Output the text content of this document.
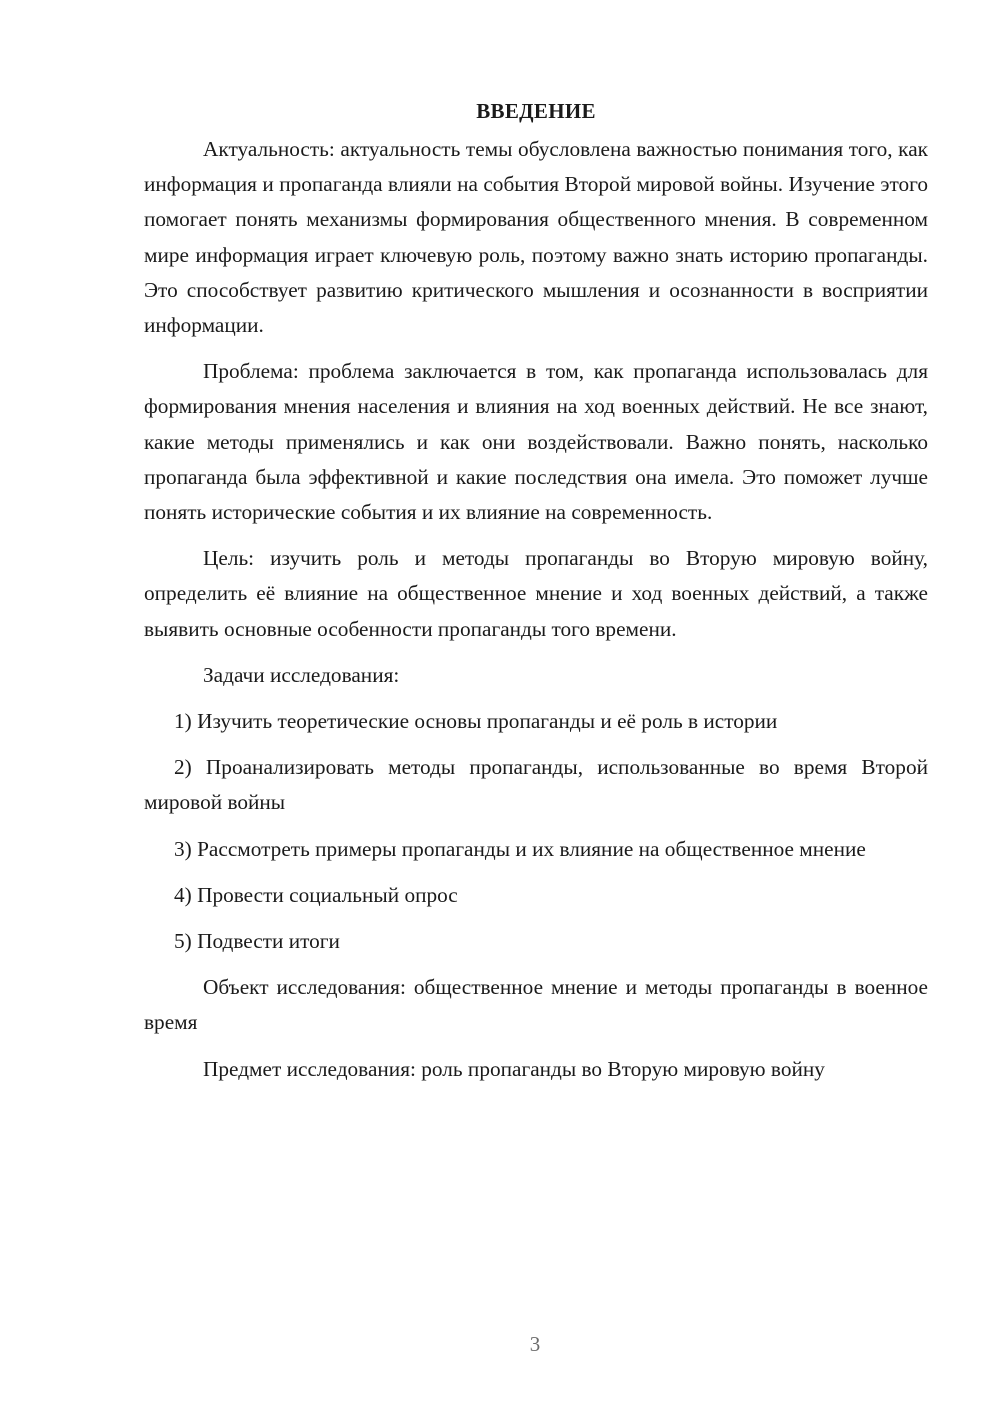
ВВЕДЕНИЕ

Актуальность: актуальность темы обусловлена важностью понимания того, как информация и пропаганда влияли на события Второй мировой войны. Изучение этого помогает понять механизмы формирования общественного мнения. В современном мире информация играет ключевую роль, поэтому важно знать историю пропаганды. Это способствует развитию критического мышления и осознанности в восприятии информации.

Проблема: проблема заключается в том, как пропаганда использовалась для формирования мнения населения и влияния на ход военных действий. Не все знают, какие методы применялись и как они воздействовали. Важно понять, насколько пропаганда была эффективной и какие последствия она имела. Это поможет лучше понять исторические события и их влияние на современность.

Цель: изучить роль и методы пропаганды во Вторую мировую войну, определить её влияние на общественное мнение и ход военных действий, а также выявить основные особенности пропаганды того времени.

Задачи исследования:

1) Изучить теоретические основы пропаганды и её роль в истории

2) Проанализировать методы пропаганды, использованные во время Второй мировой войны

3) Рассмотреть примеры пропаганды и их влияние на общественное мнение

4) Провести социальный опрос

5) Подвести итоги

Объект исследования: общественное мнение и методы пропаганды в военное время

Предмет исследования: роль пропаганды во Вторую мировую войну

3
